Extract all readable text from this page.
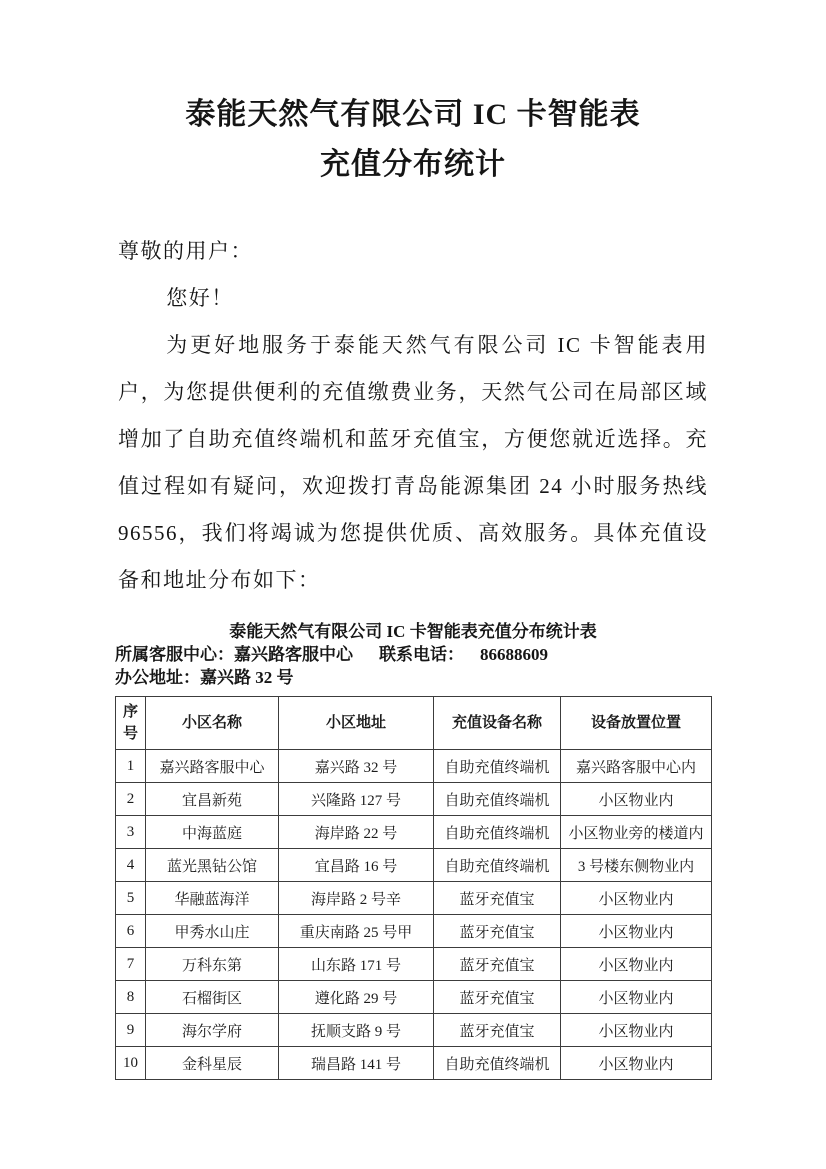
泰能天然气有限公司 IC 卡智能表
充值分布统计

尊敬的用户：

您好！

为更好地服务于泰能天然气有限公司 IC 卡智能表用户，为您提供便利的充值缴费业务，天然气公司在局部区域增加了自助充值终端机和蓝牙充值宝，方便您就近选择。充值过程如有疑问，欢迎拨打青岛能源集团 24 小时服务热线 96556，我们将竭诚为您提供优质、高效服务。具体充值设备和地址分布如下：

泰能天然气有限公司 IC 卡智能表充值分布统计表
所属客服中心：嘉兴路客服中心 联系电话： 86688609
办公地址：嘉兴路 32 号
序号	小区名称	小区地址	充值设备名称	设备放置位置
1	嘉兴路客服中心	嘉兴路 32 号	自助充值终端机	嘉兴路客服中心内
2	宜昌新苑	兴隆路 127 号	自助充值终端机	小区物业内
3	中海蓝庭	海岸路 22 号	自助充值终端机	小区物业旁的楼道内
4	蓝光黑钻公馆	宜昌路 16 号	自助充值终端机	3 号楼东侧物业内
5	华融蓝海洋	海岸路 2 号辛	蓝牙充值宝	小区物业内
6	甲秀水山庄	重庆南路 25 号甲	蓝牙充值宝	小区物业内
7	万科东第	山东路 171 号	蓝牙充值宝	小区物业内
8	石榴街区	遵化路 29 号	蓝牙充值宝	小区物业内
9	海尔学府	抚顺支路 9 号	蓝牙充值宝	小区物业内
10	金科星辰	瑞昌路 141 号	自助充值终端机	小区物业内
